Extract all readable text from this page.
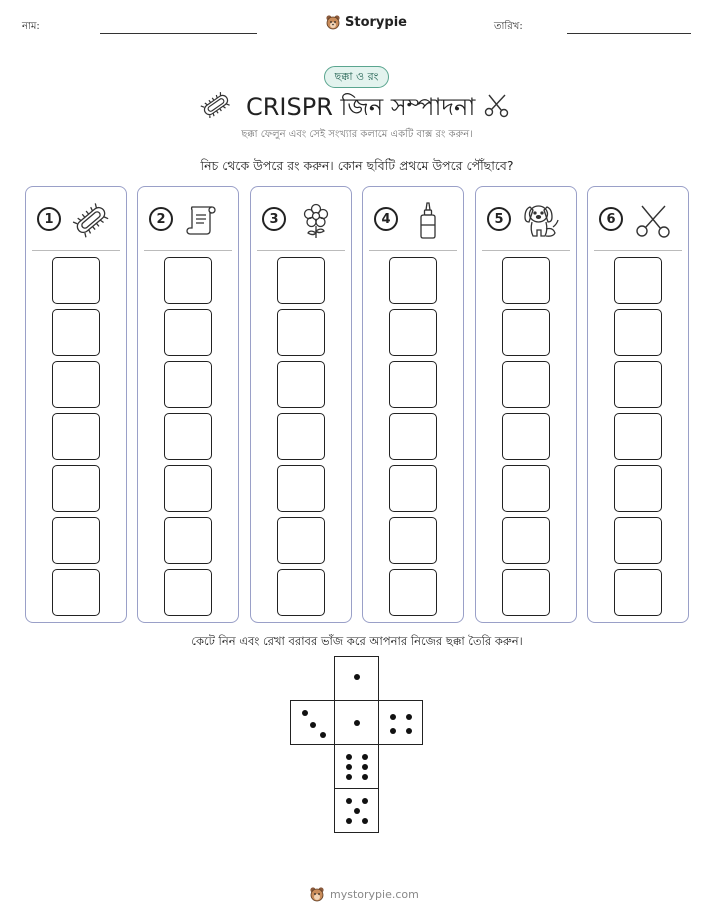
নাম:	Storypie	তারিখ:
ছক্কা ও রং
CRISPR জিন সম্পাদনা
ছক্কা ফেলুন এবং সেই সংখ্যার কলামে একটি বাক্স রং করুন।
নিচ থেকে উপরে রং করুন। কোন ছবিটি প্রথমে উপরে পৌঁছাবে?
1	2	3	4	5	6
কেটে নিন এবং রেখা বরাবর ভাঁজ করে আপনার নিজের ছক্কা তৈরি করুন।
mystorypie.com
